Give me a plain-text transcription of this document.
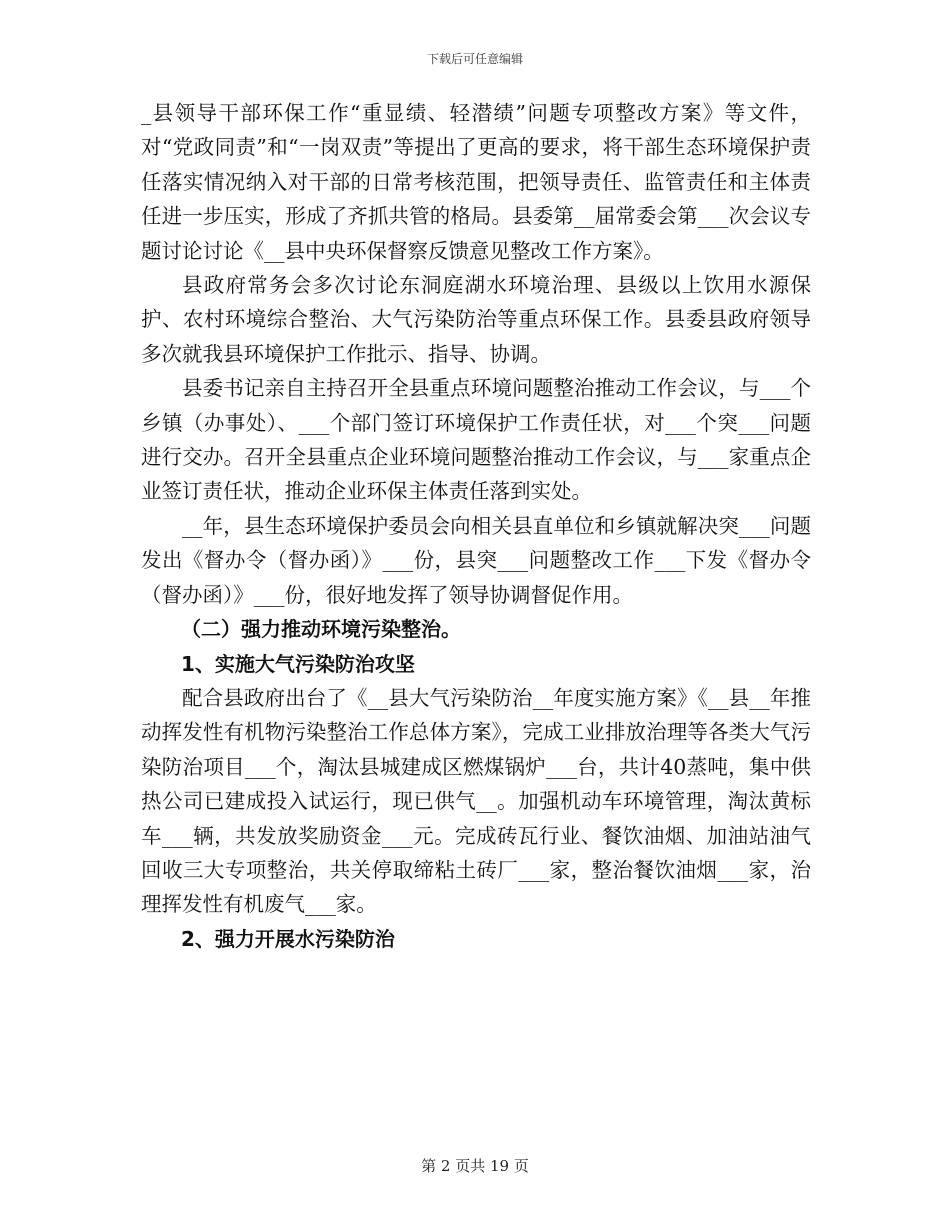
下载后可任意编辑

_县领导干部环保工作“重显绩、轻潜绩”问题专项整改方案》等文件，对“党政同责”和“一岗双责”等提出了更高的要求，将干部生态环境保护责任落实情况纳入对干部的日常考核范围，把领导责任、监管责任和主体责任进一步压实，形成了齐抓共管的格局。县委第__届常委会第___次会议专题讨论讨论《__县中央环保督察反馈意见整改工作方案》。

县政府常务会多次讨论东洞庭湖水环境治理、县级以上饮用水源保护、农村环境综合整治、大气污染防治等重点环保工作。县委县政府领导多次就我县环境保护工作批示、指导、协调。

县委书记亲自主持召开全县重点环境问题整治推动工作会议，与___个乡镇（办事处）、___个部门签订环境保护工作责任状，对___个突___问题进行交办。召开全县重点企业环境问题整治推动工作会议，与___家重点企业签订责任状，推动企业环保主体责任落到实处。

__年，县生态环境保护委员会向相关县直单位和乡镇就解决突___问题发出《督办令（督办函）》___份，县突___问题整改工作___下发《督办令（督办函）》___份，很好地发挥了领导协调督促作用。

（二）强力推动环境污染整治。

1、实施大气污染防治攻坚

配合县政府出台了《__县大气污染防治__年度实施方案》《__县__年推动挥发性有机物污染整治工作总体方案》，完成工业排放治理等各类大气污染防治项目___个，淘汰县城建成区燃煤锅炉___台，共计40蒸吨，集中供热公司已建成投入试运行，现已供气__。加强机动车环境管理，淘汰黄标车___辆，共发放奖励资金___元。完成砖瓦行业、餐饮油烟、加油站油气回收三大专项整治，共关停取缔粘土砖厂___家，整治餐饮油烟___家，治理挥发性有机废气___家。

2、强力开展水污染防治

第 2 页共 19 页
